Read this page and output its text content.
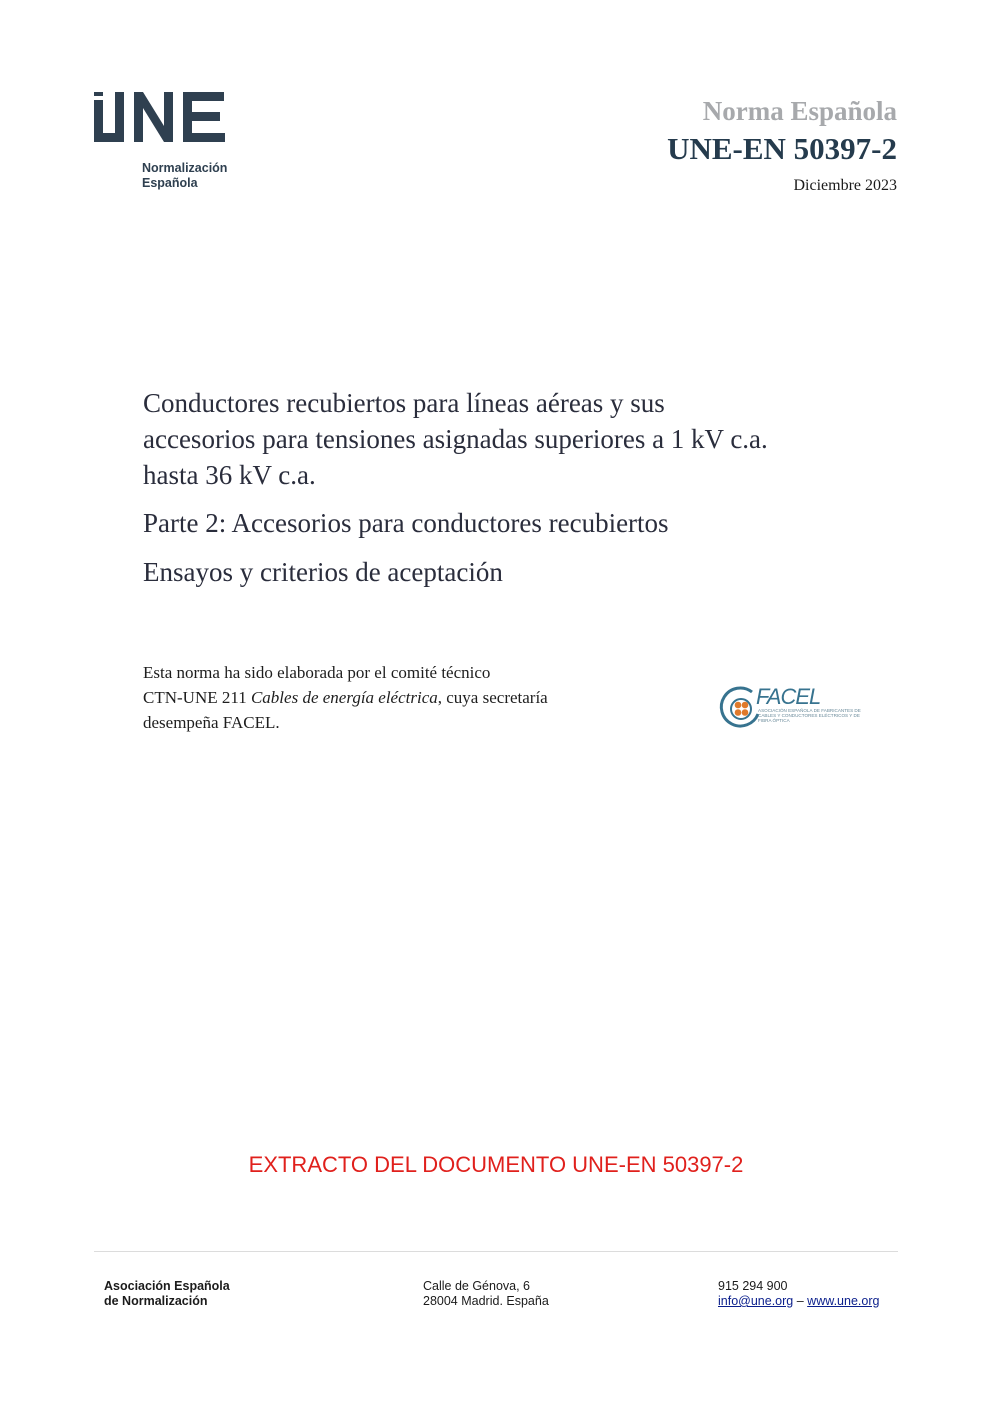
Normalización
Española
Norma Española
UNE-EN 50397-2
Diciembre 2023
Conductores recubiertos para líneas aéreas y sus
accesorios para tensiones asignadas superiores a 1 kV c.a.
hasta 36 kV c.a.
Parte 2: Accesorios para conductores recubiertos
Ensayos y criterios de aceptación
Esta norma ha sido elaborada por el comité técnico
CTN-UNE 211 Cables de energía eléctrica, cuya secretaría
desempeña FACEL.
FACEL
ASOCIACIÓN ESPAÑOLA DE FABRICANTES DE CABLES Y CONDUCTORES ELÉCTRICOS Y DE FIBRA ÓPTICA
EXTRACTO DEL DOCUMENTO UNE-EN 50397-2
Asociación Española
de Normalización
Calle de Génova, 6
28004 Madrid. España
915 294 900
info@une.org – www.une.org
